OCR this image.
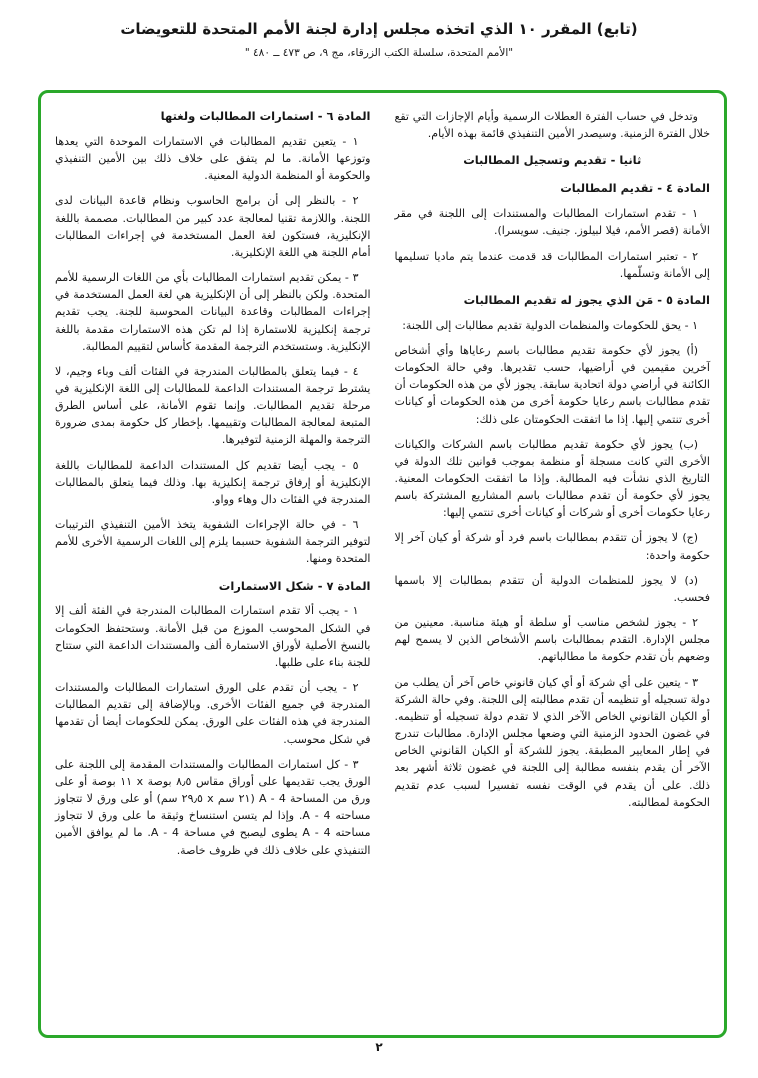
(تابع) المقرر ١٠ الذي اتخذه مجلس إدارة لجنة الأمم المتحدة للتعويضات
"الأمم المتحدة، سلسلة الكتب الزرقاء، مج ٩، ص ٤٧٣ ــ ٤٨٠ "

وتدخل في حساب الفترة العطلات الرسمية وأيام الإجازات التي تقع خلال الفترة الزمنية. وسيصدر الأمين التنفيذي قائمة بهذه الأيام.

ثانيا - تقديم وتسجيل المطالبات
المادة ٤ - تقديم المطالبات

١ - تقدم استمارات المطالبات والمستندات إلى اللجنة في مقر الأمانة (قصر الأمم، فيلا لبيلوز. جنيف. سويسرا).

٢ - تعتبر استمارات المطالبات قد قدمت عندما يتم ماديا تسليمها إلى الأمانة وتسلّمها.

المادة ٥ - مَن الذي يجوز له تقديم المطالبات

١ - يحق للحكومات والمنظمات الدولية تقديم مطالبات إلى اللجنة:

(أ) يجوز لأي حكومة تقديم مطالبات باسم رعاياها وأي أشخاص آخرين مقيمين في أراضيها، حسب تقديرها. وفي حالة الحكومات الكائنة في أراضي دولة اتحادية سابقة. يجوز لأي من هذه الحكومات أن تقدم مطالبات باسم رعايا حكومة أخرى من هذه الحكومات أو كيانات أخرى تنتمي إليها. إذا ما اتفقت الحكومتان على ذلك:

(ب) يجوز لأي حكومة تقديم مطالبات باسم الشركات والكيانات الأخرى التي كانت مسجلة أو منظمة بموجب قوانين تلك الدولة في التاريخ الذي نشأت فيه المطالبة. وإذا ما اتفقت الحكومات المعنية. يجوز لأي حكومة أن تقدم مطالبات باسم المشاريع المشتركة باسم رعايا حكومات أخرى أو شركات أو كيانات أخرى تنتمي إليها:

(ج) لا يجوز أن تتقدم بمطالبات باسم فرد أو شركة أو كيان آخر إلا حكومة واحدة:

(د) لا يجوز للمنظمات الدولية أن تتقدم بمطالبات إلا باسمها فحسب.

٢ - يجوز لشخص مناسب أو سلطة أو هيئة مناسبة. معينين من مجلس الإدارة. التقدم بمطالبات باسم الأشخاص الذين لا يسمح لهم وضعهم بأن تقدم حكومة ما مطالباتهم.

٣ - يتعين على أي شركة أو أي كيان قانوني خاص آخر أن يطلب من دولة تسجيله أو تنظيمه أن تقدم مطالبته إلى اللجنة. وفي حالة الشركة أو الكيان القانوني الخاص الآخر الذي لا تقدم دولة تسجيله أو تنظيمه. في غضون الحدود الزمنية التي وضعها مجلس الإدارة. مطالبات تندرج في إطار المعايير المطبقة. يجوز للشركة أو الكيان القانوني الخاص الآخر أن يقدم بنفسه مطالبة إلى اللجنة في غضون ثلاثة أشهر بعد ذلك. على أن يقدم في الوقت نفسه تفسيرا لسبب عدم تقديم الحكومة لمطالبته.

المادة ٦ - استمارات المطالبات ولغتها

١ - يتعين تقديم المطالبات في الاستمارات الموحدة التي يعدها وتوزعها الأمانة. ما لم يتفق على خلاف ذلك بين الأمين التنفيذي والحكومة أو المنظمة الدولية المعنية.

٢ - بالنظر إلى أن برامج الحاسوب ونظام قاعدة البيانات لدى اللجنة. واللازمة تقنيا لمعالجة عدد كبير من المطالبات. مصممة باللغة الإنكليزية، فستكون لغة العمل المستخدمة في إجراءات المطالبات أمام اللجنة هي اللغة الإنكليزية.

٣ - يمكن تقديم استمارات المطالبات بأي من اللغات الرسمية للأمم المتحدة. ولكن بالنظر إلى أن الإنكليزية هي لغة العمل المستخدمة في إجراءات المطالبات وقاعدة البيانات المحوسبة للجنة. يجب تقديم ترجمة إنكليزية للاستمارة إذا لم تكن هذه الاستمارات مقدمة باللغة الإنكليزية. وستستخدم الترجمة المقدمة كأساس لتقييم المطالبة.

٤ - فيما يتعلق بالمطالبات المندرجة في الفئات ألف وباء وجيم، لا يشترط ترجمة المستندات الداعمة للمطالبات إلى اللغة الإنكليزية في مرحلة تقديم المطالبات. وإنما تقوم الأمانة، على أساس الطرق المتبعة لمعالجة المطالبات وتقييمها. بإخطار كل حكومة بمدى ضرورة الترجمة والمهلة الزمنية لتوفيرها.

٥ - يجب أيضا تقديم كل المستندات الداعمة للمطالبات باللغة الإنكليزية أو إرفاق ترجمة إنكليزية بها. وذلك فيما يتعلق بالمطالبات المندرجة في الفئات دال وهاء وواو.

٦ - في حالة الإجراءات الشفوية يتخذ الأمين التنفيذي الترتيبات لتوفير الترجمة الشفوية حسبما يلزم إلى اللغات الرسمية الأخرى للأمم المتحدة ومنها.

المادة ٧ - شكل الاستمارات

١ - يجب ألا تقدم استمارات المطالبات المندرجة في الفئة ألف إلا في الشكل المحوسب الموزع من قبل الأمانة. وستحتفظ الحكومات بالنسخ الأصلية لأوراق الاستمارة ألف والمستندات الداعمة التي ستتاح للجنة بناء على طلبها.

٢ - يجب أن تقدم على الورق استمارات المطالبات والمستندات المندرجة في جميع الفئات الأخرى. وبالإضافة إلى تقديم المطالبات المندرجة في هذه الفئات على الورق. يمكن للحكومات أيضا أن تقدمها في شكل محوسب.

٣ - كل استمارات المطالبات والمستندات المقدمة إلى اللجنة على الورق يجب تقديمها على أوراق مقاس ٨٫٥ بوصة x ١١ بوصة أو على ورق من المساحة A - 4 (٢١ سم x ٢٩٫٥ سم) أو على ورق لا تتجاوز مساحته A - 4. وإذا لم يتسن استنساخ وثيقة ما على ورق لا تتجاوز مساحته A - 4 يطوى ليصبح في مساحة A - 4. ما لم يوافق الأمين التنفيذي على خلاف ذلك في ظروف خاصة.

٢
